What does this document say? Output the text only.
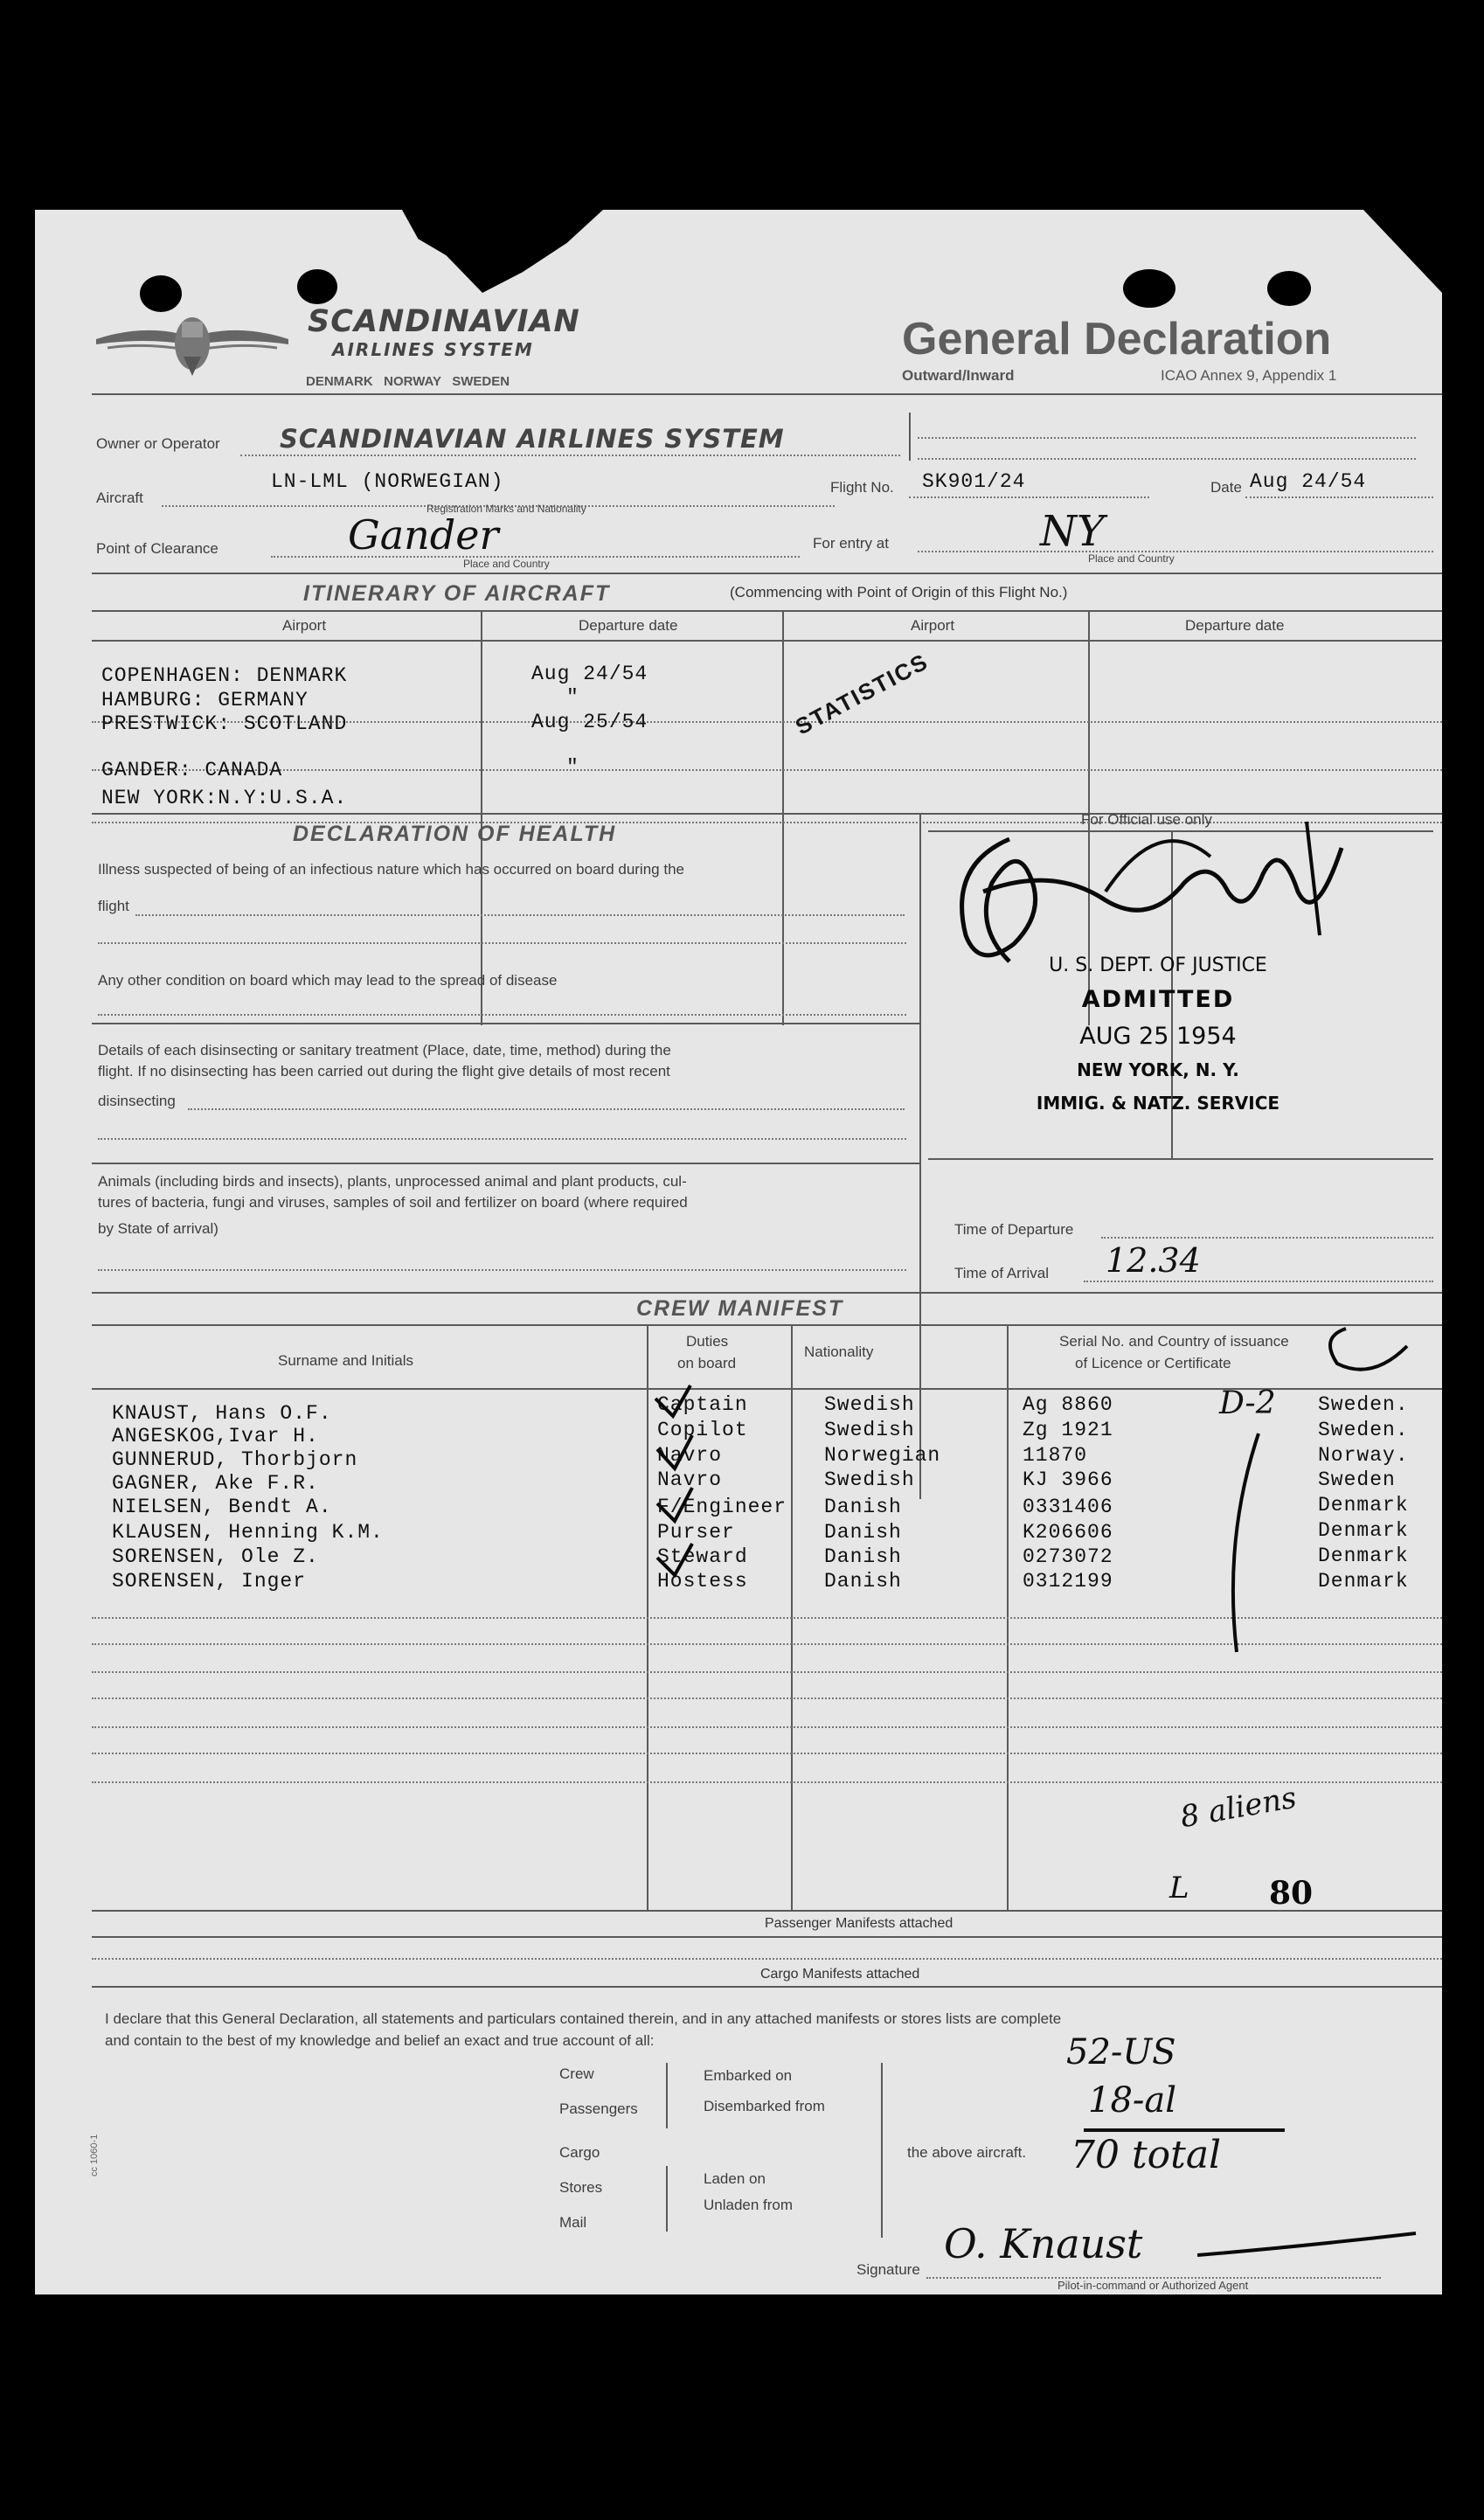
SCANDINAVIAN
AIRLINES SYSTEM
DENMARK   NORWAY   SWEDEN
General Declaration
Outward/Inward	ICAO Annex 9, Appendix 1
Owner or Operator SCANDINAVIAN AIRLINES SYSTEM
Aircraft
LN-LML (NORWEGIAN)
Registration Marks and Nationality
Flight No. SK901/24	Date Aug 24/54
Point of Clearance	Gander
Place and Country
For entry at	NY
Place and Country
ITINERARY OF AIRCRAFT	(Commencing with Point of Origin of this Flight No.)
Airport	Departure date	Airport	Departure date
COPENHAGEN: DENMARK	Aug 24/54
HAMBURG: GERMANY	"
PRESTWICK: SCOTLAND	Aug 25/54
GANDER: CANADA	"
NEW YORK:N.Y:U.S.A.
STATISTICS
DECLARATION OF HEALTH
Illness suspected of being of an infectious nature which has occurred on board during the
flight
Any other condition on board which may lead to the spread of disease
Details of each disinsecting or sanitary treatment (Place, date, time, method) during the
flight. If no disinsecting has been carried out during the flight give details of most recent
disinsecting
Animals (including birds and insects), plants, unprocessed animal and plant products, cul-
tures of bacteria, fungi and viruses, samples of soil and fertilizer on board (where required
by State of arrival)
For Official use only
U. S. DEPT. OF JUSTICE
ADMITTED
AUG 25 1954
NEW YORK, N. Y.
IMMIG. & NATZ. SERVICE
Time of Departure
Time of Arrival 12.34
CREW MANIFEST
Surname and Initials
Duties
on board
Nationality
Serial No. and Country of issuance
of Licence or Certificate
KNAUST, Hans O.F.	Captain	Swedish	Ag 8860	Sweden.
ANGESKOG,Ivar H.	Copilot	Swedish	Zg 1921	Sweden.
GUNNERUD, Thorbjorn	Navro	Norwegian	11870	Norway.
GAGNER, Ake F.R.	Navro	Swedish	KJ 3966	Sweden
NIELSEN, Bendt A.	F/Engineer Danish	0331406	Denmark
KLAUSEN, Henning K.M.	Purser	Danish	K206606	Denmark
SORENSEN, Ole Z.	Steward	Danish	0273072	Denmark
SORENSEN, Inger	Hostess	Danish	0312199	Denmark
D-2
8 aliens
L	80
Passenger Manifests attached
Cargo Manifests attached
I declare that this General Declaration, all statements and particulars contained therein, and in any attached manifests or stores lists are complete
and contain to the best of my knowledge and belief an exact and true account of all:
Crew
Passengers
Cargo
Stores
Mail
Embarked on
Disembarked from
Laden on
Unladen from
the above aircraft.
52-US
18-al
70 total
Signature
O. Knaust
Pilot-in-command or Authorized Agent
cc 1060-1
